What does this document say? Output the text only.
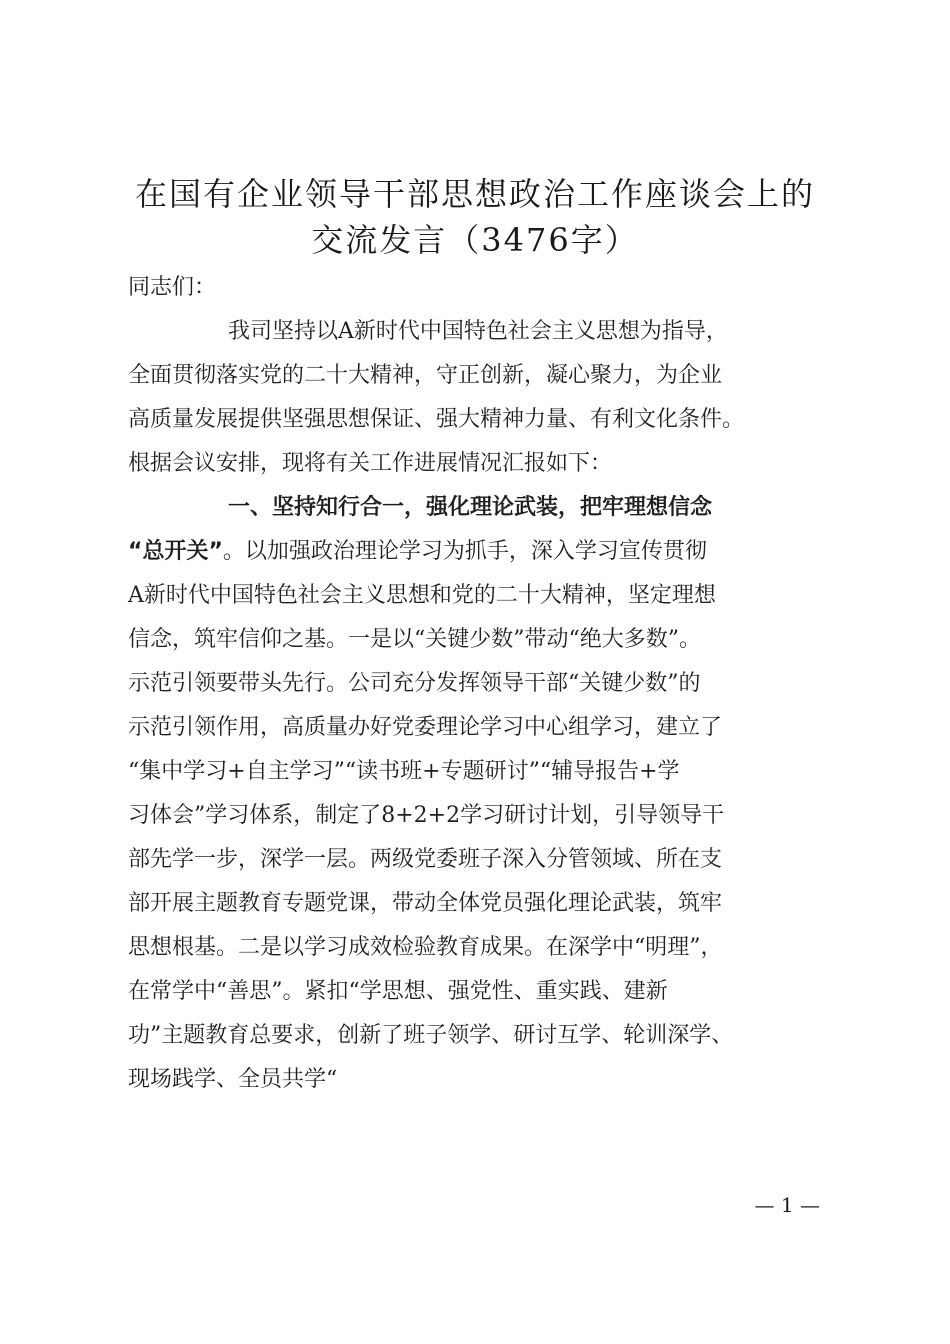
在国有企业领导干部思想政治工作座谈会上的
交流发言（3476字）
同志们：
我司坚持以A新时代中国特色社会主义思想为指导，
全面贯彻落实党的二十大精神，守正创新，凝心聚力，为企业
高质量发展提供坚强思想保证、强大精神力量、有利文化条件。
根据会议安排，现将有关工作进展情况汇报如下：
一、坚持知行合一，强化理论武装，把牢理想信念
“总开关”。以加强政治理论学习为抓手，深入学习宣传贯彻
A新时代中国特色社会主义思想和党的二十大精神，坚定理想
信念，筑牢信仰之基。一是以“关键少数”带动“绝大多数”。
示范引领要带头先行。公司充分发挥领导干部“关键少数”的
示范引领作用，高质量办好党委理论学习中心组学习，建立了
“集中学习+自主学习”“读书班+专题研讨”“辅导报告+学
习体会”学习体系，制定了8+2+2学习研讨计划，引导领导干
部先学一步，深学一层。两级党委班子深入分管领域、所在支
部开展主题教育专题党课，带动全体党员强化理论武装，筑牢
思想根基。二是以学习成效检验教育成果。在深学中“明理”，
在常学中“善思”。紧扣“学思想、强党性、重实践、建新
功”主题教育总要求，创新了班子领学、研讨互学、轮训深学、
现场践学、全员共学“
— 1 —
